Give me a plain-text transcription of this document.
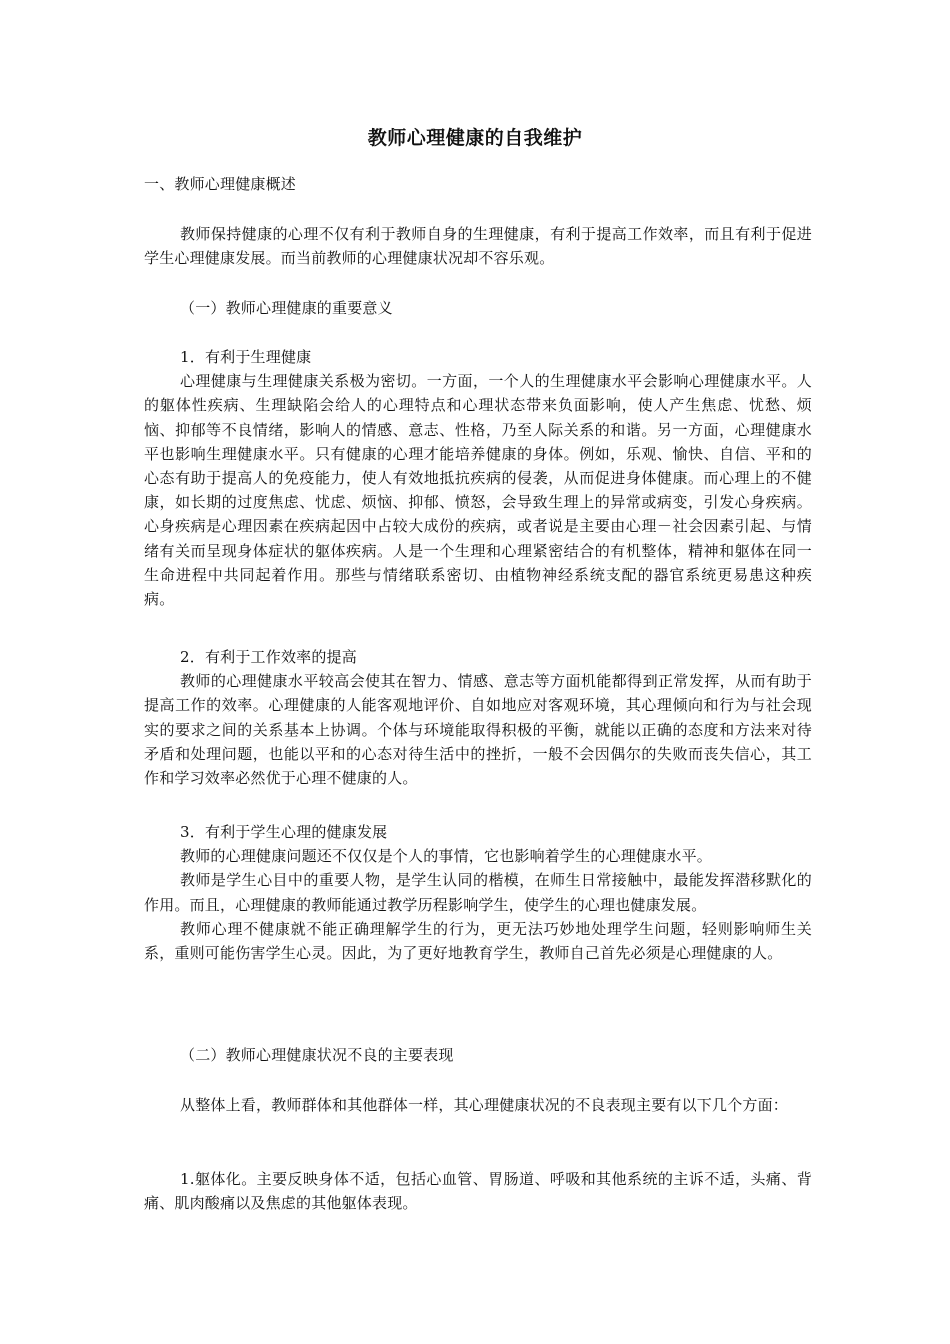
教师心理健康的自我维护

一、教师心理健康概述

教师保持健康的心理不仅有利于教师自身的生理健康，有利于提高工作效率，而且有利于促进学生心理健康发展。而当前教师的心理健康状况却不容乐观。

（一）教师心理健康的重要意义

1．有利于生理健康

心理健康与生理健康关系极为密切。一方面，一个人的生理健康水平会影响心理健康水平。人的躯体性疾病、生理缺陷会给人的心理特点和心理状态带来负面影响，使人产生焦虑、忧愁、烦恼、抑郁等不良情绪，影响人的情感、意志、性格，乃至人际关系的和谐。另一方面，心理健康水平也影响生理健康水平。只有健康的心理才能培养健康的身体。例如，乐观、愉快、自信、平和的心态有助于提高人的免疫能力，使人有效地抵抗疾病的侵袭，从而促进身体健康。而心理上的不健康，如长期的过度焦虑、忧虑、烦恼、抑郁、愤怒，会导致生理上的异常或病变，引发心身疾病。心身疾病是心理因素在疾病起因中占较大成份的疾病，或者说是主要由心理－社会因素引起、与情绪有关而呈现身体症状的躯体疾病。人是一个生理和心理紧密结合的有机整体，精神和躯体在同一生命进程中共同起着作用。那些与情绪联系密切、由植物神经系统支配的器官系统更易患这种疾病。

2．有利于工作效率的提高

教师的心理健康水平较高会使其在智力、情感、意志等方面机能都得到正常发挥，从而有助于提高工作的效率。心理健康的人能客观地评价、自如地应对客观环境，其心理倾向和行为与社会现实的要求之间的关系基本上协调。个体与环境能取得积极的平衡，就能以正确的态度和方法来对待矛盾和处理问题，也能以平和的心态对待生活中的挫折，一般不会因偶尔的失败而丧失信心，其工作和学习效率必然优于心理不健康的人。

3．有利于学生心理的健康发展

教师的心理健康问题还不仅仅是个人的事情，它也影响着学生的心理健康水平。

教师是学生心目中的重要人物，是学生认同的楷模，在师生日常接触中，最能发挥潜移默化的作用。而且，心理健康的教师能通过教学历程影响学生，使学生的心理也健康发展。

教师心理不健康就不能正确理解学生的行为，更无法巧妙地处理学生问题，轻则影响师生关系，重则可能伤害学生心灵。因此，为了更好地教育学生，教师自己首先必须是心理健康的人。

（二）教师心理健康状况不良的主要表现

从整体上看，教师群体和其他群体一样，其心理健康状况的不良表现主要有以下几个方面：

1.躯体化。主要反映身体不适，包括心血管、胃肠道、呼吸和其他系统的主诉不适，头痛、背痛、肌肉酸痛以及焦虑的其他躯体表现。
